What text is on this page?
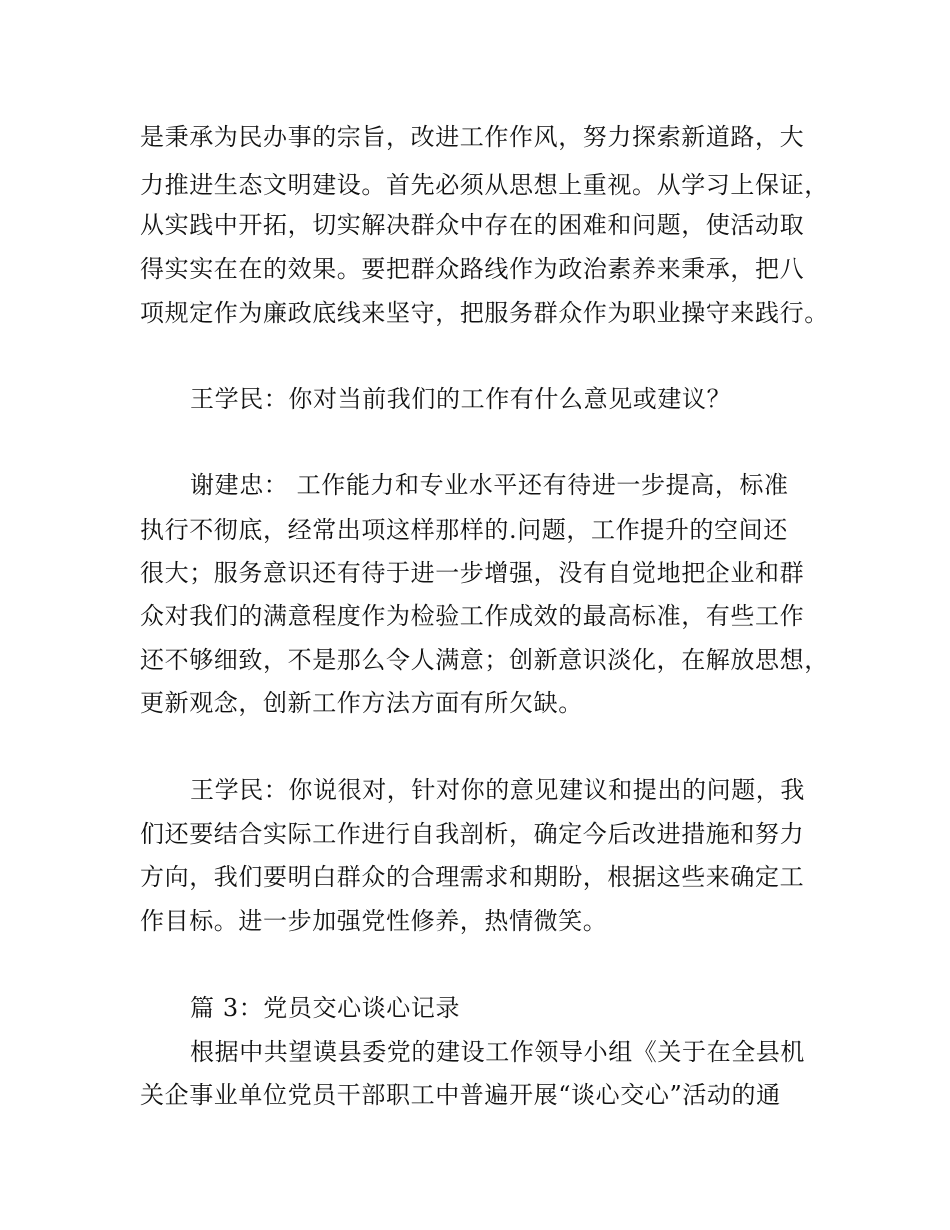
是秉承为民办事的宗旨，改进工作作风，努力探索新道路，大
力推进生态文明建设。首先必须从思想上重视。从学习上保证，
从实践中开拓，切实解决群众中存在的困难和问题，使活动取
得实实在在的效果。要把群众路线作为政治素养来秉承，把八
项规定作为廉政底线来坚守，把服务群众作为职业操守来践行。
王学民：你对当前我们的工作有什么意见或建议？
谢建忠： 工作能力和专业水平还有待进一步提高，标准
执行不彻底，经常出项这样那样的.问题，工作提升的空间还
很大；服务意识还有待于进一步增强，没有自觉地把企业和群
众对我们的满意程度作为检验工作成效的最高标准，有些工作
还不够细致，不是那么令人满意；创新意识淡化，在解放思想，
更新观念，创新工作方法方面有所欠缺。
王学民：你说很对，针对你的意见建议和提出的问题，我
们还要结合实际工作进行自我剖析，确定今后改进措施和努力
方向，我们要明白群众的合理需求和期盼，根据这些来确定工
作目标。进一步加强党性修养，热情微笑。
篇 3：党员交心谈心记录
根据中共望谟县委党的建设工作领导小组《关于在全县机
关企事业单位党员干部职工中普遍开展“谈心交心”活动的通
